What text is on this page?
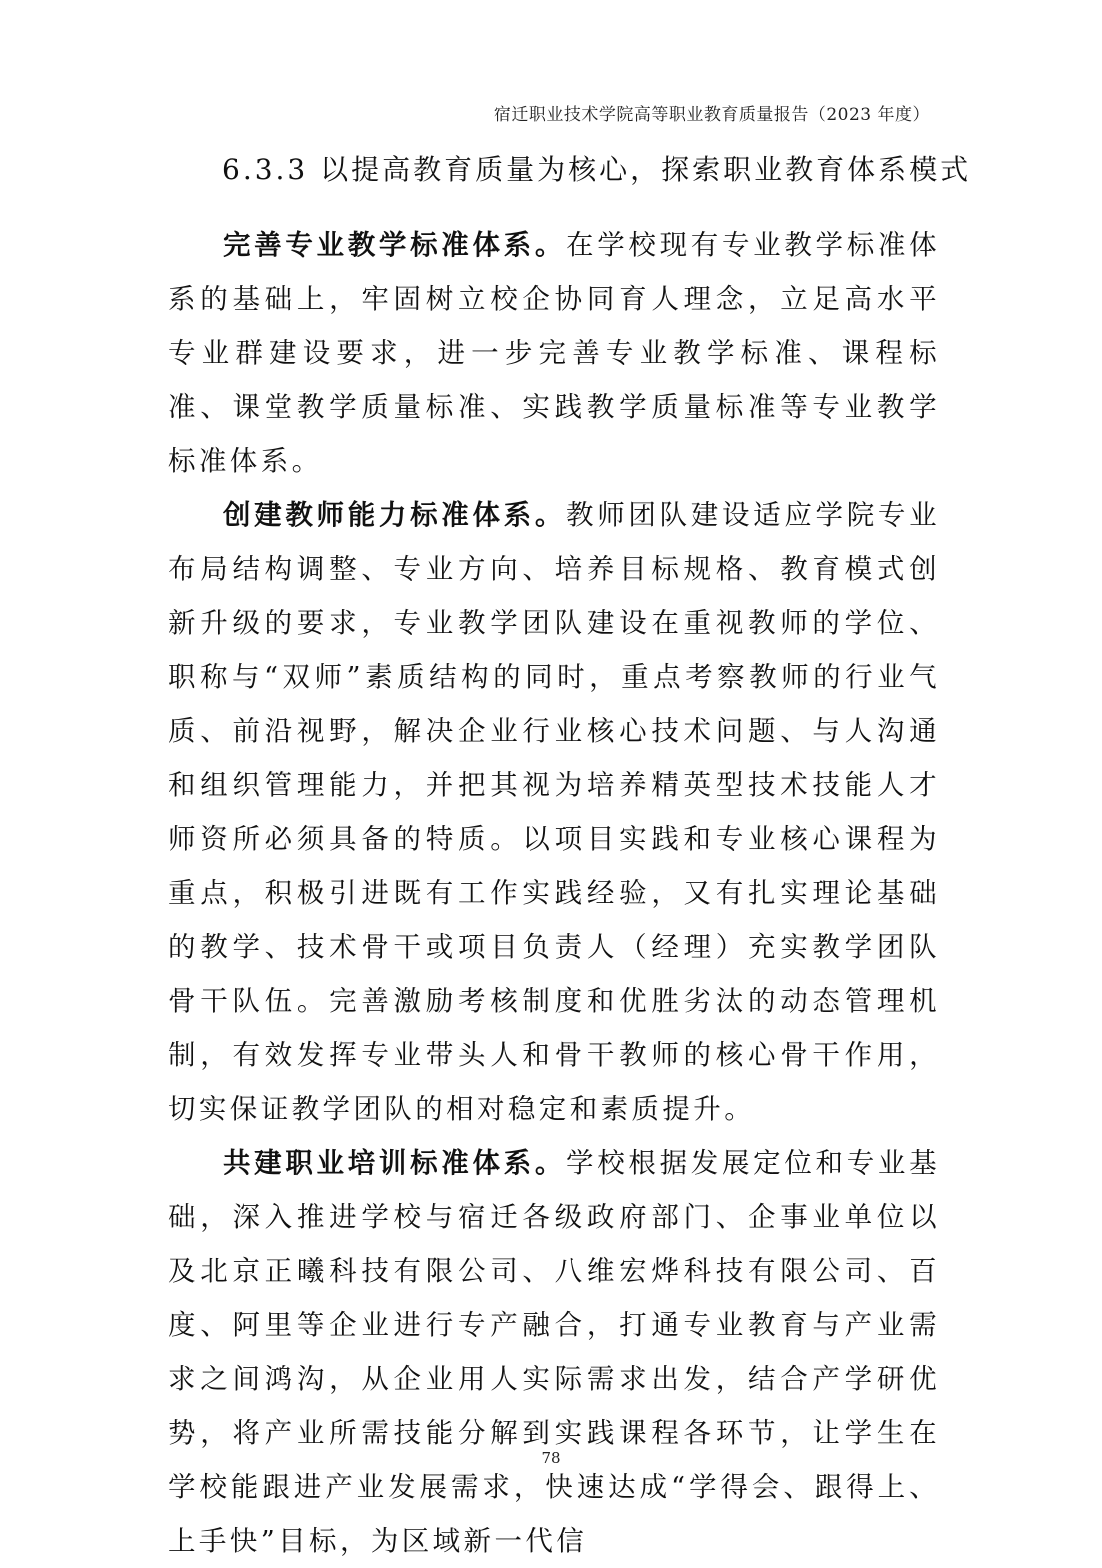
宿迁职业技术学院高等职业教育质量报告（2023 年度）
6.3.3 以提高教育质量为核心，探索职业教育体系模式

完善专业教学标准体系。在学校现有专业教学标准体系的基础上，牢固树立校企协同育人理念，立足高水平专业群建设要求，进一步完善专业教学标准、课程标准、课堂教学质量标准、实践教学质量标准等专业教学标准体系。

创建教师能力标准体系。教师团队建设适应学院专业布局结构调整、专业方向、培养目标规格、教育模式创新升级的要求，专业教学团队建设在重视教师的学位、职称与“双师”素质结构的同时，重点考察教师的行业气质、前沿视野，解决企业行业核心技术问题、与人沟通和组织管理能力，并把其视为培养精英型技术技能人才师资所必须具备的特质。以项目实践和专业核心课程为重点，积极引进既有工作实践经验，又有扎实理论基础的教学、技术骨干或项目负责人（经理）充实教学团队骨干队伍。完善激励考核制度和优胜劣汰的动态管理机制，有效发挥专业带头人和骨干教师的核心骨干作用，切实保证教学团队的相对稳定和素质提升。

共建职业培训标准体系。学校根据发展定位和专业基础，深入推进学校与宿迁各级政府部门、企事业单位以及北京正曦科技有限公司、八维宏烨科技有限公司、百度、阿里等企业进行专产融合，打通专业教育与产业需求之间鸿沟，从企业用人实际需求出发，结合产学研优势，将产业所需技能分解到实践课程各环节，让学生在学校能跟进产业发展需求，快速达成“学得会、跟得上、上手快”目标，为区域新一代信

78
